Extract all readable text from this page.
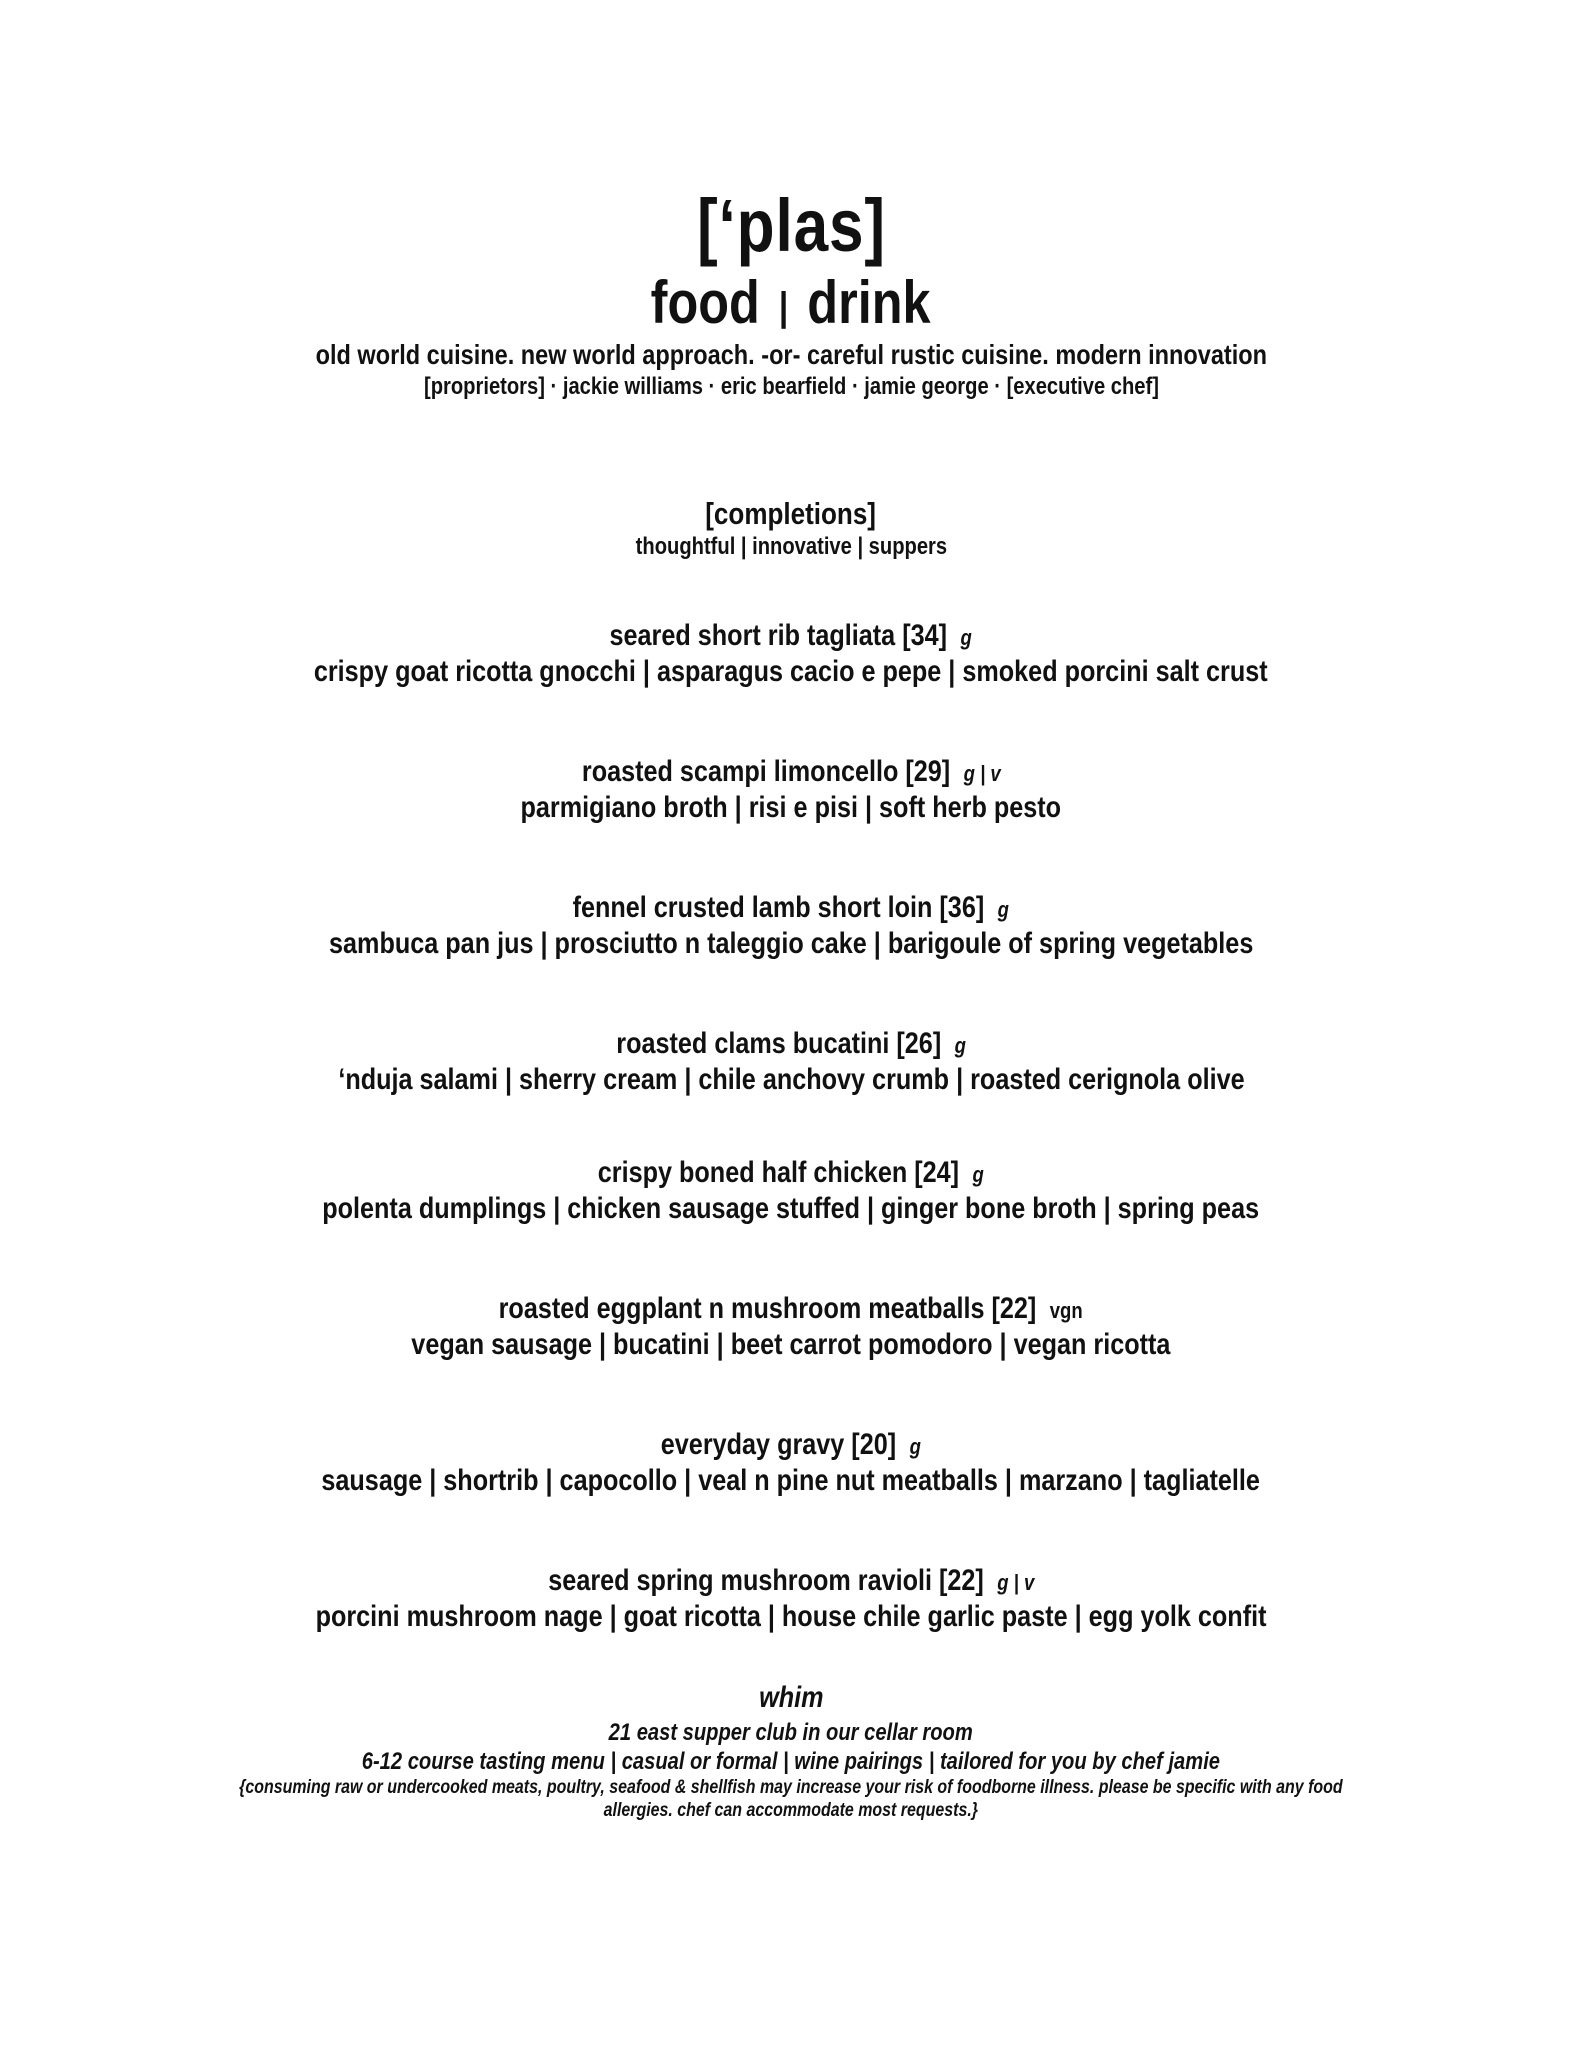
[‘plas]
food | drink
old world cuisine. new world approach. -or- careful rustic cuisine. modern innovation
[proprietors] · jackie williams · eric bearfield · jamie george · [executive chef]
[completions]
thoughtful | innovative | suppers
seared short rib tagliata [34] g
crispy goat ricotta gnocchi | asparagus cacio e pepe | smoked porcini salt crust
roasted scampi limoncello [29] g | v
parmigiano broth | risi e pisi | soft herb pesto
fennel crusted lamb short loin [36] g
sambuca pan jus | prosciutto n taleggio cake | barigoule of spring vegetables
roasted clams bucatini [26] g
‘nduja salami | sherry cream | chile anchovy crumb | roasted cerignola olive
crispy boned half chicken [24] g
polenta dumplings | chicken sausage stuffed | ginger bone broth | spring peas
roasted eggplant n mushroom meatballs [22] vgn
vegan sausage | bucatini | beet carrot pomodoro | vegan ricotta
everyday gravy [20] g
sausage | shortrib | capocollo | veal n pine nut meatballs | marzano | tagliatelle
seared spring mushroom ravioli [22] g | v
porcini mushroom nage | goat ricotta | house chile garlic paste | egg yolk confit
whim
21 east supper club in our cellar room
6-12 course tasting menu | casual or formal | wine pairings | tailored for you by chef jamie
{consuming raw or undercooked meats, poultry, seafood & shellfish may increase your risk of foodborne illness. please be specific with any food
allergies. chef can accommodate most requests.}
